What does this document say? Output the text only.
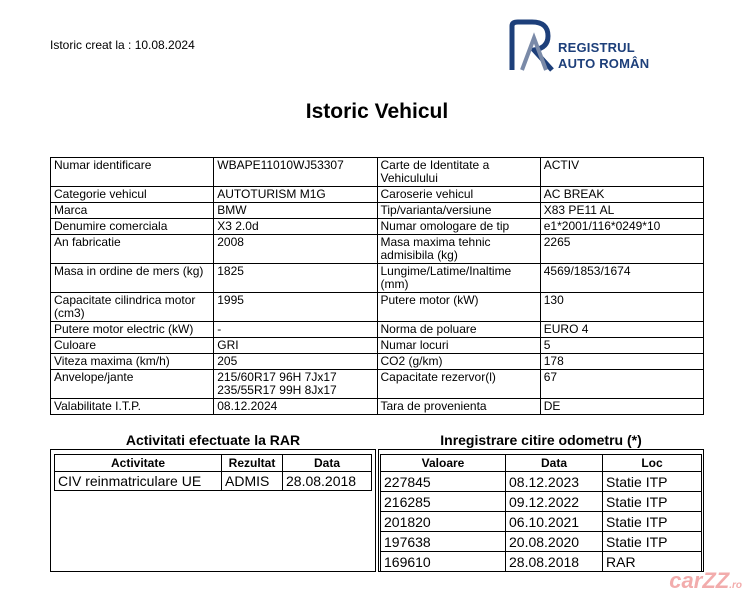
Istoric creat la : 10.08.2024	REGISTRUL
AUTO ROMÂN
Istoric Vehicul
Numar identificare	WBAPE11010WJ53307	Carte de Identitate a Vehiculului	ACTIV
Categorie vehicul	AUTOTURISM M1G	Caroserie vehicul	AC BREAK
Marca	BMW	Tip/varianta/versiune	X83 PE11 AL
Denumire comerciala	X3 2.0d	Numar omologare de tip	e1*2001/116*0249*10
An fabricatie	2008	Masa maxima tehnic admisibila (kg)	2265
Masa in ordine de mers (kg)	1825	Lungime/Latime/Inaltime (mm)	4569/1853/1674
Capacitate cilindrica motor (cm3)	1995	Putere motor (kW)	130
Putere motor electric (kW)	-	Norma de poluare	EURO 4
Culoare	GRI	Numar locuri	5
Viteza maxima (km/h)	205	CO2 (g/km)	178
Anvelope/jante	215/60R17 96H 7Jx17 235/55R17 99H 8Jx17	Capacitate rezervor(l)	67
Valabilitate I.T.P.	08.12.2024	Tara de provenienta	DE
Activitati efectuate la RAR	Inregistrare citire odometru (*)
Activitate	Rezultat	Data
CIV reinmatriculare UE	ADMIS	28.08.2018
Valoare	Data	Loc
227845	08.12.2023	Statie ITP
216285	09.12.2022	Statie ITP
201820	06.10.2021	Statie ITP
197638	20.08.2020	Statie ITP
169610	28.08.2018	RAR
carZZ.ro
